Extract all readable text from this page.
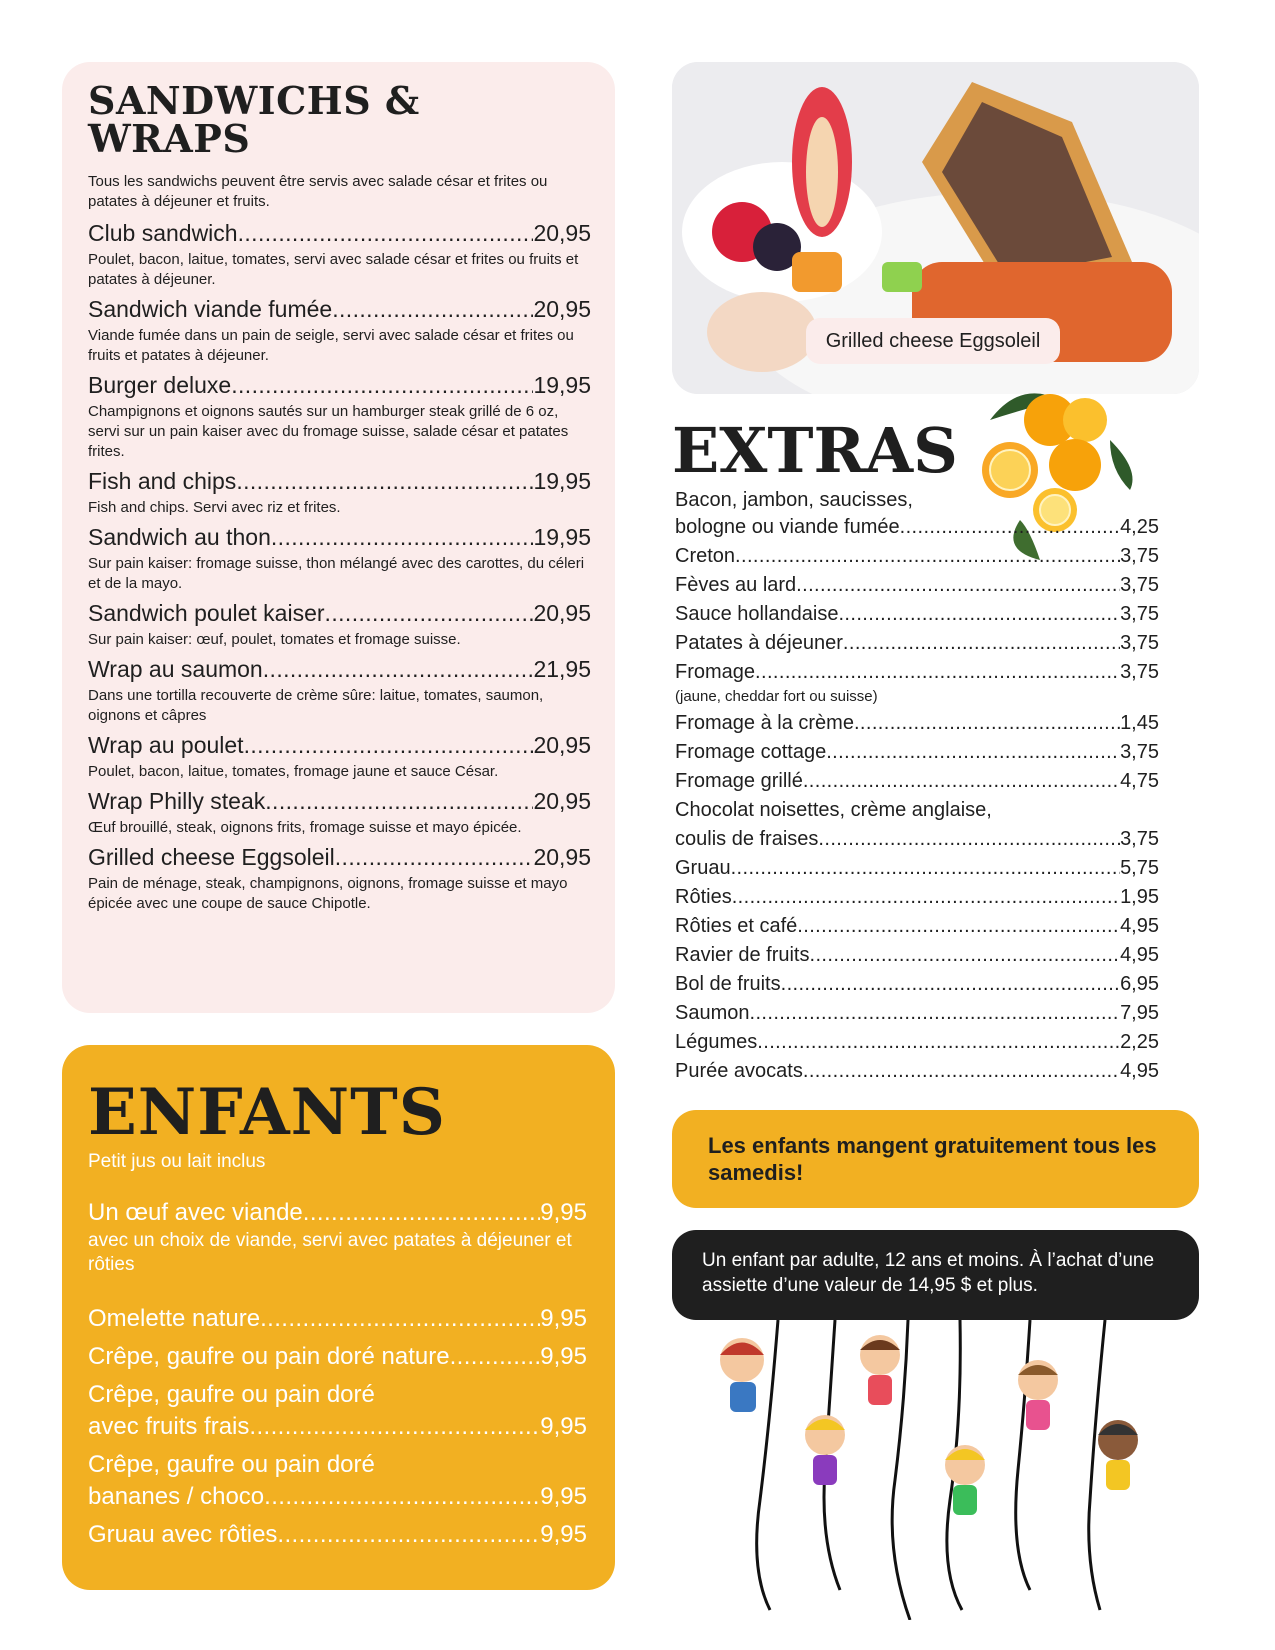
SANDWICHS & WRAPS
Tous les sandwichs peuvent être servis avec salade césar et frites ou patates à déjeuner et fruits.
Club sandwich .....	20,95
Poulet, bacon, laitue, tomates, servi avec salade césar et frites ou fruits et patates à déjeuner.
Sandwich viande fumée .....	20,95
Viande fumée dans un pain de seigle, servi avec salade césar et frites ou fruits et patates à déjeuner.
Burger deluxe .....	19,95
Champignons et oignons sautés sur un hamburger steak grillé de 6 oz, servi sur un pain kaiser avec du fromage suisse, salade césar et patates frites.
Fish and chips .....	19,95
Fish and chips. Servi avec riz et frites.
Sandwich au thon .....	19,95
Sur pain kaiser: fromage suisse, thon mélangé avec des carottes, du céleri et de la mayo.
Sandwich poulet kaiser .....	20,95
Sur pain kaiser: œuf, poulet, tomates et fromage suisse.
Wrap au saumon .....	21,95
Dans une tortilla recouverte de crème sûre: laitue, tomates, saumon, oignons et câpres
Wrap au poulet .....	20,95
Poulet, bacon, laitue, tomates, fromage jaune et sauce César.
Wrap Philly steak .....	20,95
Œuf brouillé, steak, oignons frits, fromage suisse et mayo épicée.
Grilled cheese Eggsoleil .....	20,95
Pain de ménage, steak, champignons, oignons, fromage suisse et mayo épicée avec une coupe de sauce Chipotle.
ENFANTS
Petit jus ou lait inclus
Un œuf avec viande .....	9,95
avec un choix de viande, servi avec patates à déjeuner et rôties
Omelette nature .....	9,95
Crêpe, gaufre ou pain doré nature .....	9,95
Crêpe, gaufre ou pain doré
avec fruits frais .....	9,95
Crêpe, gaufre ou pain doré
bananes / choco .....	9,95
Gruau avec rôties .....	9,95
Grilled cheese Eggsoleil
EXTRAS
Bacon, jambon, saucisses,
bologne ou viande fumée .....	4,25
Creton .....	3,75
Fèves au lard .....	3,75
Sauce hollandaise .....	3,75
Patates à déjeuner .....	3,75
Fromage .....	3,75
(jaune, cheddar fort ou suisse)
Fromage à la crème .....	1,45
Fromage cottage .....	3,75
Fromage grillé .....	4,75
Chocolat noisettes, crème anglaise,
coulis de fraises .....	3,75
Gruau .....	5,75
Rôties .....	1,95
Rôties et café .....	4,95
Ravier de fruits .....	4,95
Bol de fruits .....	6,95
Saumon .....	7,95
Légumes .....	2,25
Purée avocats .....	4,95
Les enfants mangent gratuitement tous les samedis!
Un enfant par adulte, 12 ans et moins. À l’achat d’une assiette d’une valeur de 14,95 $ et plus.
